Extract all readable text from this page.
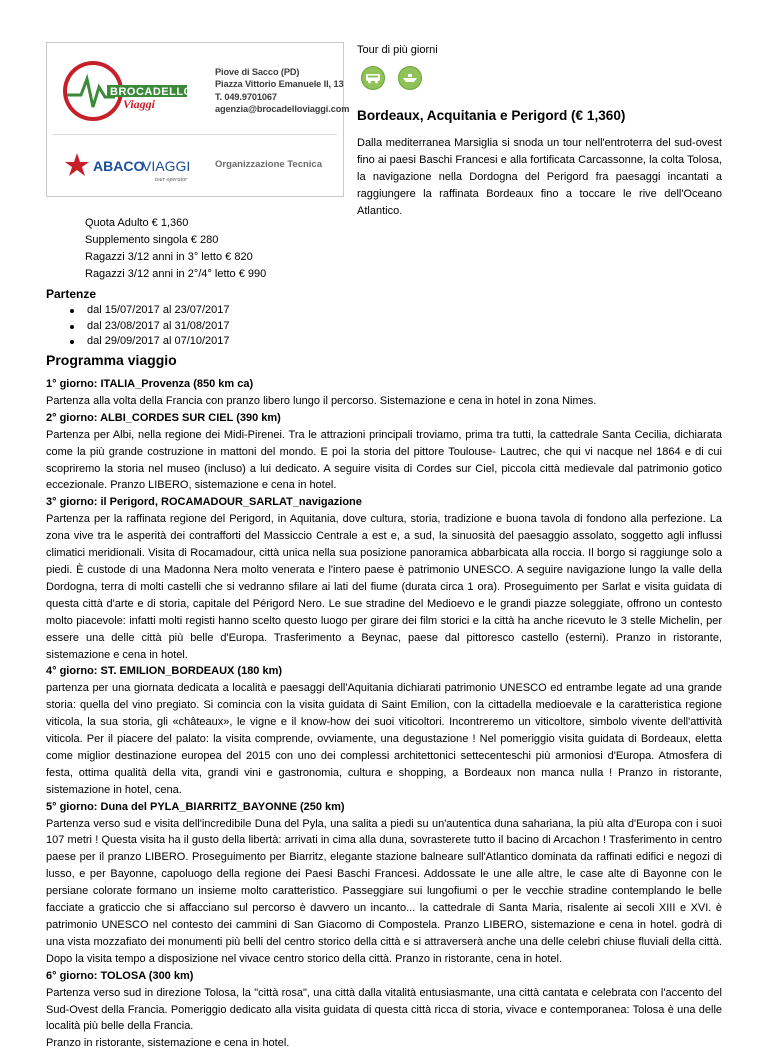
BROCADELLO
Viaggi
Piove di Sacco (PD)
Piazza Vittorio Emanuele II, 13
T. 049.9701067
agenzia@brocadelloviaggi.com
ABACO
VIAGGI
tour operator
Organizzazione Tecnica
Tour di più giorni
Bordeaux, Acquitania e Perigord (€ 1,360)

Dalla mediterranea Marsiglia si snoda un tour nell'entroterra del sud-ovest fino ai paesi Baschi Francesi e alla fortificata Carcassonne, la colta Tolosa, la navigazione nella Dordogna del Perigord fra paesaggi incantati a raggiungere la raffinata Bordeaux fino a toccare le rive dell'Oceano Atlantico.

Quota Adulto € 1,360
Supplemento singola € 280
Ragazzi 3/12 anni in 3° letto € 820
Ragazzi 3/12 anni in 2°/4° letto € 990
Partenze
dal 15/07/2017 al 23/07/2017
dal 23/08/2017 al 31/08/2017
dal 29/09/2017 al 07/10/2017
Programma viaggio
1° giorno: ITALIA_Provenza (850 km ca)
Partenza alla volta della Francia con pranzo libero lungo il percorso. Sistemazione e cena in hotel in zona Nimes.
2° giorno: ALBI_CORDES SUR CIEL (390 km)
Partenza per Albi, nella regione dei Midi-Pirenei. Tra le attrazioni principali troviamo, prima tra tutti, la cattedrale Santa Cecilia, dichiarata come la più grande costruzione in mattoni del mondo. E poi la storia del pittore Toulouse- Lautrec, che qui vi nacque nel 1864 e di cui scopriremo la storia nel museo (incluso) a lui dedicato. A seguire visita di Cordes sur Ciel, piccola città medievale dal patrimonio gotico eccezionale. Pranzo LIBERO, sistemazione e cena in hotel.
3° giorno: il Perigord, ROCAMADOUR_SARLAT_navigazione
Partenza per la raffinata regione del Perigord, in Aquitania, dove cultura, storia, tradizione e buona tavola di fondono alla perfezione. La zona vive tra le asperità dei contrafforti del Massiccio Centrale a est e, a sud, la sinuosità del paesaggio assolato, soggetto agli influssi climatici meridionali. Visita di Rocamadour, città unica nella sua posizione panoramica abbarbicata alla roccia. Il borgo si raggiunge solo a piedi. È custode di una Madonna Nera molto venerata e l'intero paese è patrimonio UNESCO. A seguire navigazione lungo la valle della Dordogna, terra di molti castelli che si vedranno sfilare ai lati del fiume (durata circa 1 ora). Proseguimento per Sarlat e visita guidata di questa città d'arte e di storia, capitale del Périgord Nero. Le sue stradine del Medioevo e le grandi piazze soleggiate, offrono un contesto molto piacevole: infatti molti registi hanno scelto questo luogo per girare dei film storici e la città ha anche ricevuto le 3 stelle Michelin, per essere una delle città più belle d'Europa. Trasferimento a Beynac, paese dal pittoresco castello (esterni). Pranzo in ristorante, sistemazione e cena in hotel.
4° giorno: ST. EMILION_BORDEAUX (180 km)
partenza per una giornata dedicata a località e paesaggi dell'Aquitania dichiarati patrimonio UNESCO ed entrambe legate ad una grande storia: quella del vino pregiato. Si comincia con la visita guidata di Saint Emilion, con la cittadella medioevale e la caratteristica regione viticola, la sua storia, gli «châteaux», le vigne e il know-how dei suoi viticoltori. Incontreremo un viticoltore, simbolo vivente dell'attività viticola. Per il piacere del palato: la visita comprende, ovviamente, una degustazione ! Nel pomeriggio visita guidata di Bordeaux, eletta come miglior destinazione europea del 2015 con uno dei complessi architettonici settecenteschi più armoniosi d'Europa. Atmosfera di festa, ottima qualità della vita, grandi vini e gastronomia, cultura e shopping, a Bordeaux non manca nulla ! Pranzo in ristorante, sistemazione in hotel, cena.
5° giorno: Duna del PYLA_BIARRITZ_BAYONNE (250 km)
Partenza verso sud e visita dell'incredibile Duna del Pyla, una salita a piedi su un'autentica duna sahariana, la più alta d'Europa con i suoi 107 metri ! Questa visita ha il gusto della libertà: arrivati in cima alla duna, sovrasterete tutto il bacino di Arcachon ! Trasferimento in centro paese per il pranzo LIBERO. Proseguimento per Biarritz, elegante stazione balneare sull'Atlantico dominata da raffinati edifici e negozi di lusso, e per Bayonne, capoluogo della regione dei Paesi Baschi Francesi. Addossate le une alle altre, le case alte di Bayonne con le persiane colorate formano un insieme molto caratteristico. Passeggiare sui lungofiumi o per le vecchie stradine contemplando le belle facciate a graticcio che si affacciano sul percorso è davvero un incanto... la cattedrale di Santa Maria, risalente ai secoli XIII e XVI. è patrimonio UNESCO nel contesto dei cammini di San Giacomo di Compostela. Pranzo LIBERO, sistemazione e cena in hotel. godrà di una vista mozzafiato dei monumenti più belli del centro storico della città e si attraverserà anche una delle celebri chiuse fluviali della città. Dopo la visita tempo a disposizione nel vivace centro storico della città. Pranzo in ristorante, cena in hotel.
6° giorno: TOLOSA (300 km)
Partenza verso sud in direzione Tolosa, la "città rosa", una città dalla vitalità entusiasmante, una città cantata e celebrata con l'accento del Sud-Ovest della Francia. Pomeriggio dedicato alla visita guidata di questa città ricca di storia, vivace e contemporanea: Tolosa è una delle località più belle della Francia.
Pranzo in ristorante, sistemazione e cena in hotel.
